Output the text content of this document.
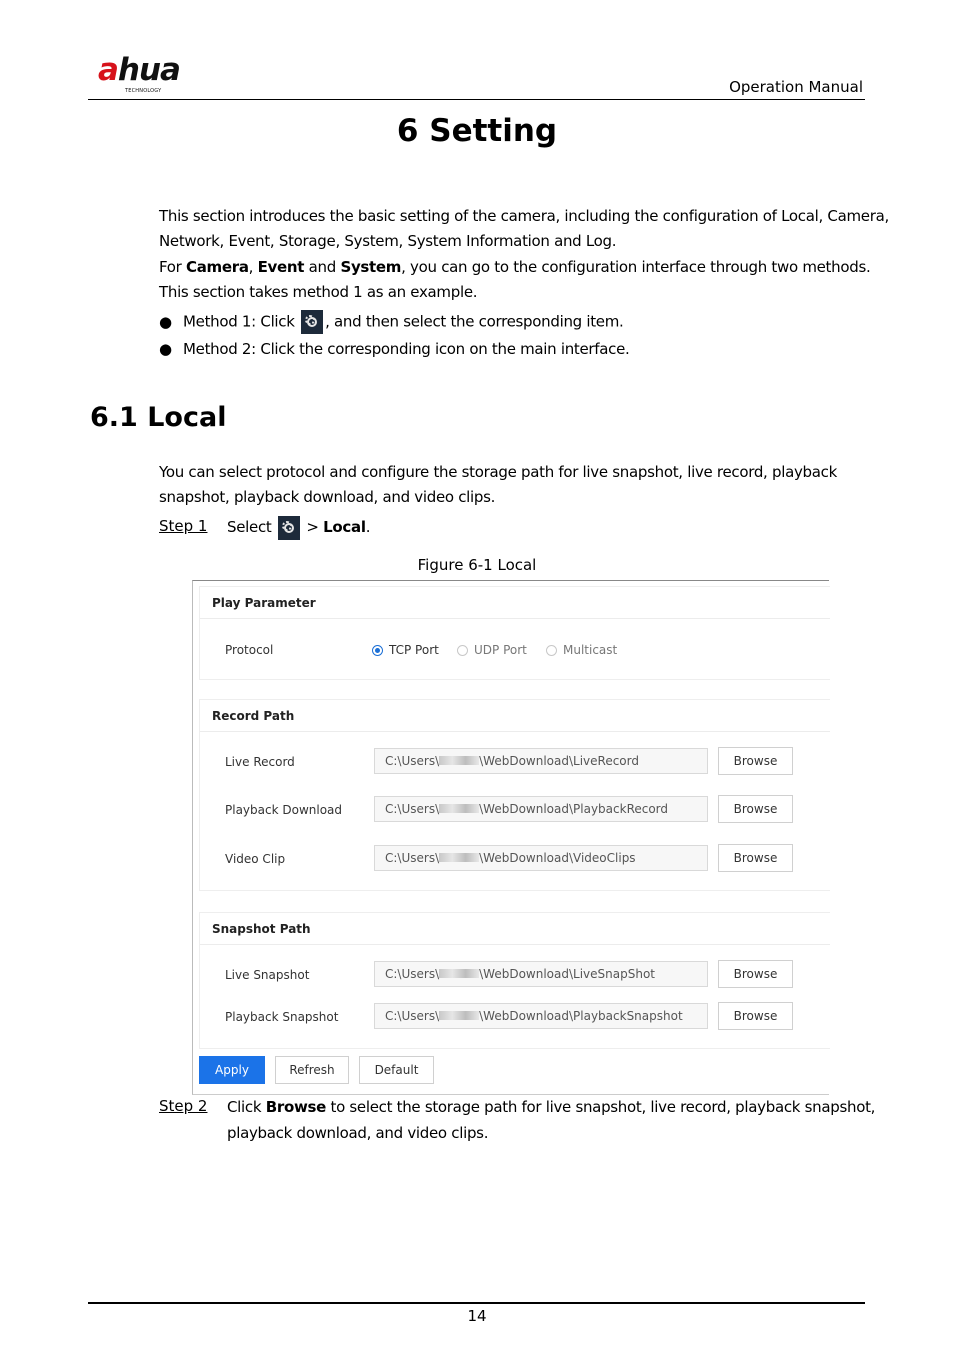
ahua
TECHNOLOGY	Operation Manual
6 Setting
This section introduces the basic setting of the camera, including the configuration of Local, Camera,
Network, Event, Storage, System, System Information and Log.
For Camera, Event and System, you can go to the configuration interface through two methods.
This section takes method 1 as an example.
● Method 1: Click , and then select the corresponding item.
● Method 2: Click the corresponding icon on the main interface.
6.1 Local
You can select protocol and configure the storage path for live snapshot, live record, playback
snapshot, playback download, and video clips.
Step 1 Select  > Local.
Figure 6-1 Local
Play Parameter
Protocol	TCP Port	UDP Port	Multicast
Record Path
Live Record	C:\Users\	\WebDownload\LiveRecord	Browse
Playback Download	C:\Users\	\WebDownload\PlaybackRecord	Browse
Video Clip	C:\Users\	\WebDownload\VideoClips	Browse
Snapshot Path
Live Snapshot	C:\Users\	\WebDownload\LiveSnapShot	Browse
Playback Snapshot	C:\Users\	\WebDownload\PlaybackSnapshot	Browse
Apply	Refresh	Default
Step 2 Click Browse to select the storage path for live snapshot, live record, playback snapshot,
playback download, and video clips.
14
